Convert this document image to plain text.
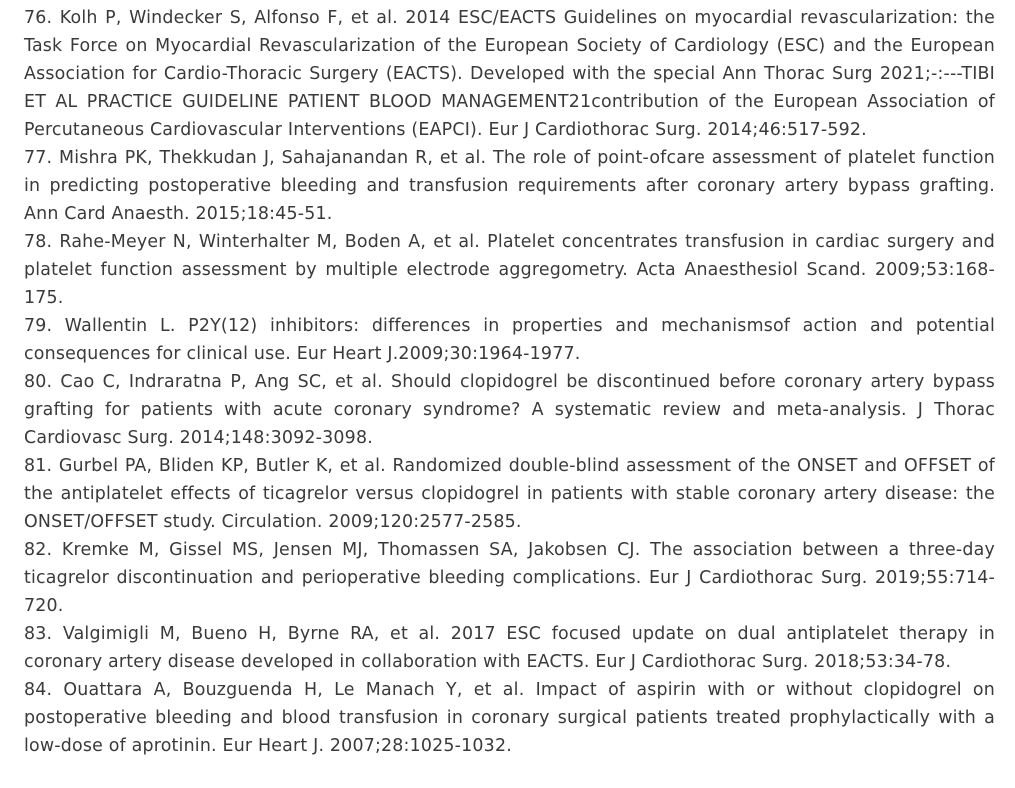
76. Kolh P, Windecker S, Alfonso F, et al. 2014 ESC/EACTS Guidelines on myocardial revascularization: the Task Force on Myocardial Revascularization of the European Society of Cardiology (ESC) and the European Association for Cardio-Thoracic Surgery (EACTS). Developed with the special Ann Thorac Surg 2021;-:---TIBI ET AL PRACTICE GUIDELINE PATIENT BLOOD MANAGEMENT21contribution of the European Association of Percutaneous Cardiovascular Interventions (EAPCI). Eur J Cardiothorac Surg. 2014;46:517-592.
77. Mishra PK, Thekkudan J, Sahajanandan R, et al. The role of point-ofcare assessment of platelet function in predicting postoperative bleeding and transfusion requirements after coronary artery bypass grafting. Ann Card Anaesth. 2015;18:45-51.
78. Rahe-Meyer N, Winterhalter M, Boden A, et al. Platelet concentrates transfusion in cardiac surgery and platelet function assessment by multiple electrode aggregometry. Acta Anaesthesiol Scand. 2009;53:168-175.
79. Wallentin L. P2Y(12) inhibitors: differences in properties and mechanismsof action and potential consequences for clinical use. Eur Heart J.2009;30:1964-1977.
80. Cao C, Indraratna P, Ang SC, et al. Should clopidogrel be discontinued before coronary artery bypass grafting for patients with acute coronary syndrome? A systematic review and meta-analysis. J Thorac Cardiovasc Surg. 2014;148:3092-3098.
81. Gurbel PA, Bliden KP, Butler K, et al. Randomized double-blind assessment of the ONSET and OFFSET of the antiplatelet effects of ticagrelor versus clopidogrel in patients with stable coronary artery disease: the ONSET/OFFSET study. Circulation. 2009;120:2577-2585.
82. Kremke M, Gissel MS, Jensen MJ, Thomassen SA, Jakobsen CJ. The association between a three-day ticagrelor discontinuation and perioperative bleeding complications. Eur J Cardiothorac Surg. 2019;55:714-720.
83. Valgimigli M, Bueno H, Byrne RA, et al. 2017 ESC focused update on dual antiplatelet therapy in coronary artery disease developed in collaboration with EACTS. Eur J Cardiothorac Surg. 2018;53:34-78.
84. Ouattara A, Bouzguenda H, Le Manach Y, et al. Impact of aspirin with or without clopidogrel on postoperative bleeding and blood transfusion in coronary surgical patients treated prophylactically with a low-dose of aprotinin. Eur Heart J. 2007;28:1025-1032.
